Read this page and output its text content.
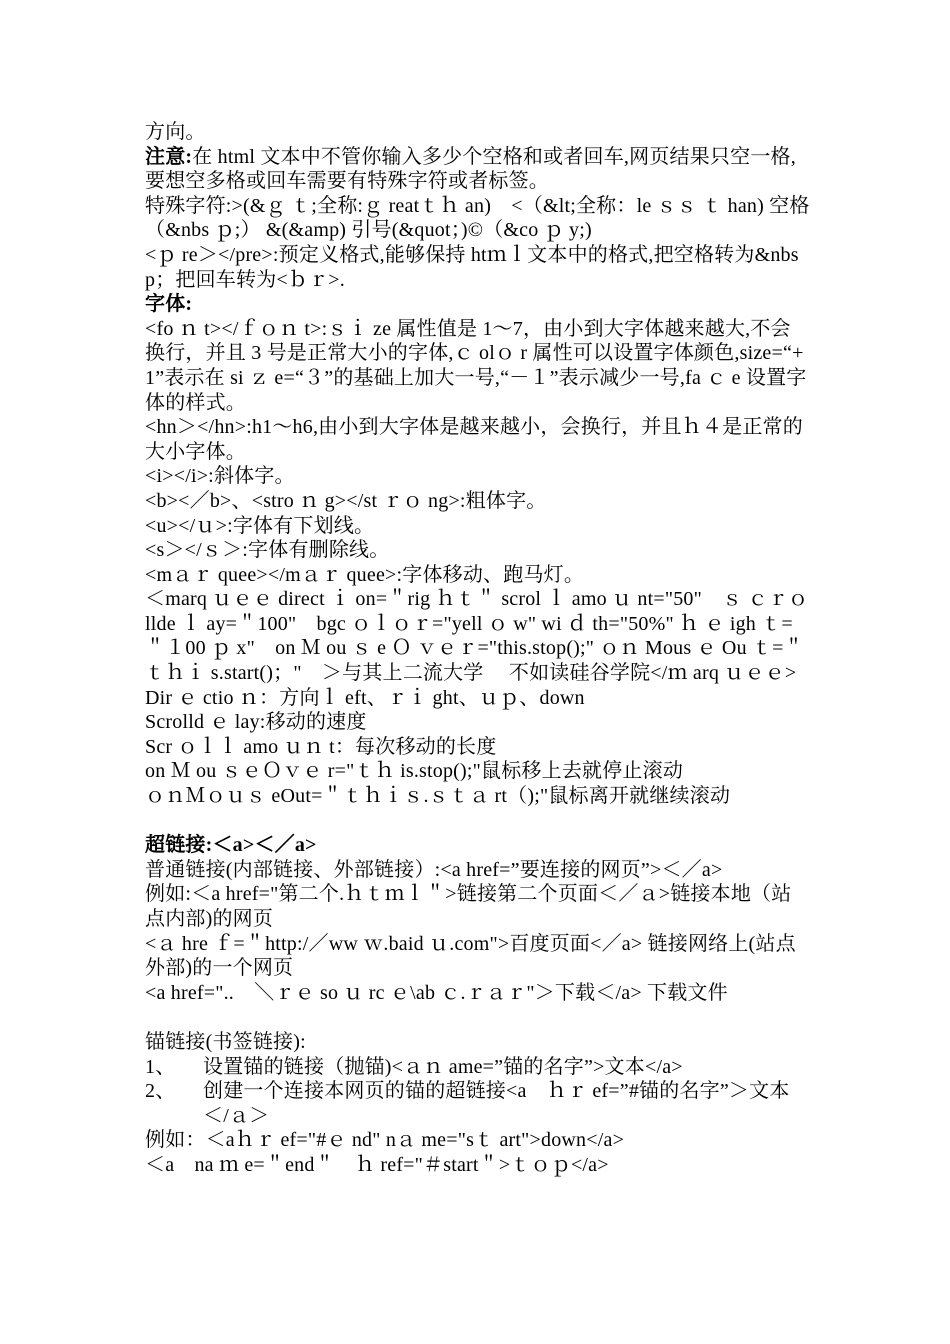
方向。

注意:在 html 文本中不管你输入多少个空格和或者回车,网页结果只空一格,要想空多格或回车需要有特殊字符或者标签。

特殊字符:>(&ｇ ｔ;全称:ｇ reatｔｈ an)　<（&lt;全称：le ｓｓ ｔ han) 空格（&nbs ｐ;） &(&amp) 引号(&quot；)©（&co ｐ y;)

<ｐ re＞</pre>:预定义格式,能够保持 htｍｌ文本中的格式,把空格转为&nbsp；把回车转为<ｂｒ>.

字体:

<fo ｎ t></ｆｏｎ t>:ｓｉ ze 属性值是 1～7，由小到大字体越来越大,不会换行，并且 3 号是正常大小的字体,ｃ olｏ r 属性可以设置字体颜色,size=“+1”表示在 si ｚ e=“３”的基础上加大一号,“－１”表示减少一号,fa ｃ e 设置字体的样式。

<hn＞</hn>:h1～h6,由小到大字体是越来越小，会换行，并且ｈ４是正常的大小字体。

<i></i>:斜体字。

<b><／b>、<stro ｎ g></st ｒｏ ng>:粗体字。

<u></ｕ>:字体有下划线。

<s＞</ｓ＞:字体有删除线。

<mａｒ quee></mａｒ quee>:字体移动、跑马灯。

＜marq ｕｅｅ direct ｉ on=＂rig ｈｔ＂ scrol ｌ amo ｕ nt="50"　ｓ ｃｒｏ llde ｌ ay=＂100"　bgc ｏｌｏｒ="yell ｏ w" wi ｄ th="50%" ｈ ｅ igh ｔ=＂１00 ｐ x"　on Ｍ ou ｓ e Ｏ ｖｅｒ="this.stop();" ｏｎ Mous ｅ Ou ｔ=＂ｔｈｉ s.start()；"　＞与其上二流大学　 不如读硅谷学院</ｍ arq ｕｅｅ>Dir ｅ ctio ｎ：方向ｌ eft、ｒｉ ght、ｕｐ、down

Scrolld ｅ lay:移动的速度

Scr ｏｌｌ amo ｕｎ t：每次移动的长度

on Ｍ ou ｓｅＯｖｅ r="ｔｈ is.stop();"鼠标移上去就停止滚动

ｏｎＭｏｕｓ eOut=＂ｔｈｉｓ.ｓｔａ rt（);"鼠标离开就继续滚动

超链接:＜a>＜／a>

普通链接(内部链接、外部链接）:<a href=”要连接的网页”>＜／a>

例如:＜a href="第二个.ｈｔｍｌ＂>链接第二个页面＜／ａ>链接本地（站点内部)的网页

<ａ hre ｆ=＂http:/／ww ｗ.baid ｕ.com">百度页面<／a> 链接网络上(站点外部)的一个网页

<a href="..　＼ｒｅ so ｕ rc ｅ\ab ｃ.ｒａｒ"＞下载＜/a> 下载文件

锚链接(书签链接):

1、	设置锚的链接（抛锚)<ａｎ ame=”锚的名字”>文本</a>
2、	创建一个连接本网页的锚的超链接<a　ｈｒ ef=”#锚的名字”＞文本＜/ａ＞

例如：＜aｈｒ ef="#ｅ nd" nａ me="sｔ art">down</a>

＜a　na ｍ e=＂end＂　ｈ ref="＃start＂>ｔｏｐ</a>
